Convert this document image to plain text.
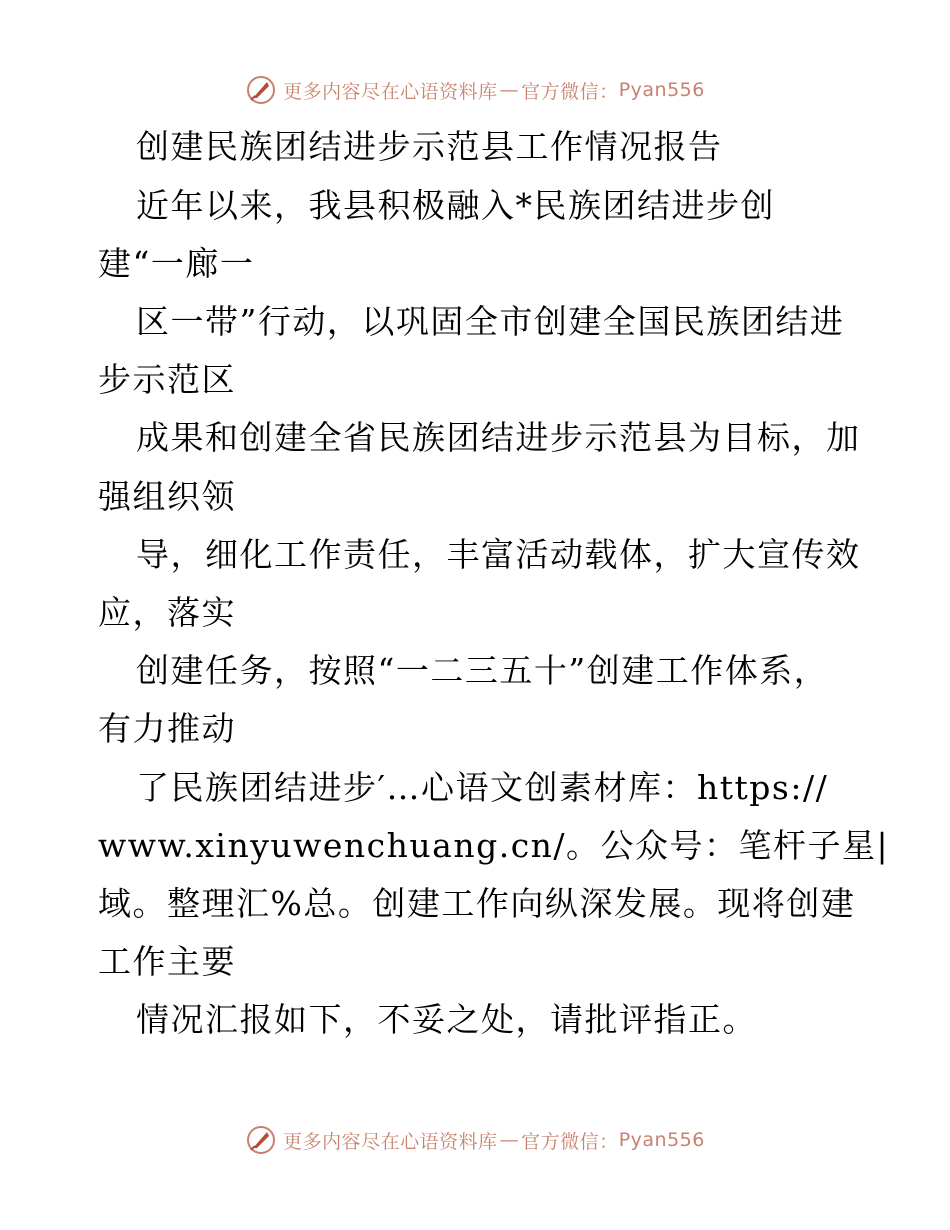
更多内容尽在心语资料库 — 官方微信： Pyan556
创建民族团结进步示范县工作情况报告
近年以来，我县积极融入*民族团结进步创
建“一廊一
区一带”行动，以巩固全市创建全国民族团结进
步示范区
成果和创建全省民族团结进步示范县为目标，加
强组织领
导，细化工作责任，丰富活动载体，扩大宣传效
应，落实
创建任务，按照“一二三五十”创建工作体系，
有力推动
了民族团结进步′…心语文创素材库：https://
www.xinyuwenchuang.cn/。公众号：笔杆子星|
域。整理汇%总。创建工作向纵深发展。现将创建
工作主要
情况汇报如下，不妥之处，请批评指正。
更多内容尽在心语资料库 — 官方微信： Pyan556
